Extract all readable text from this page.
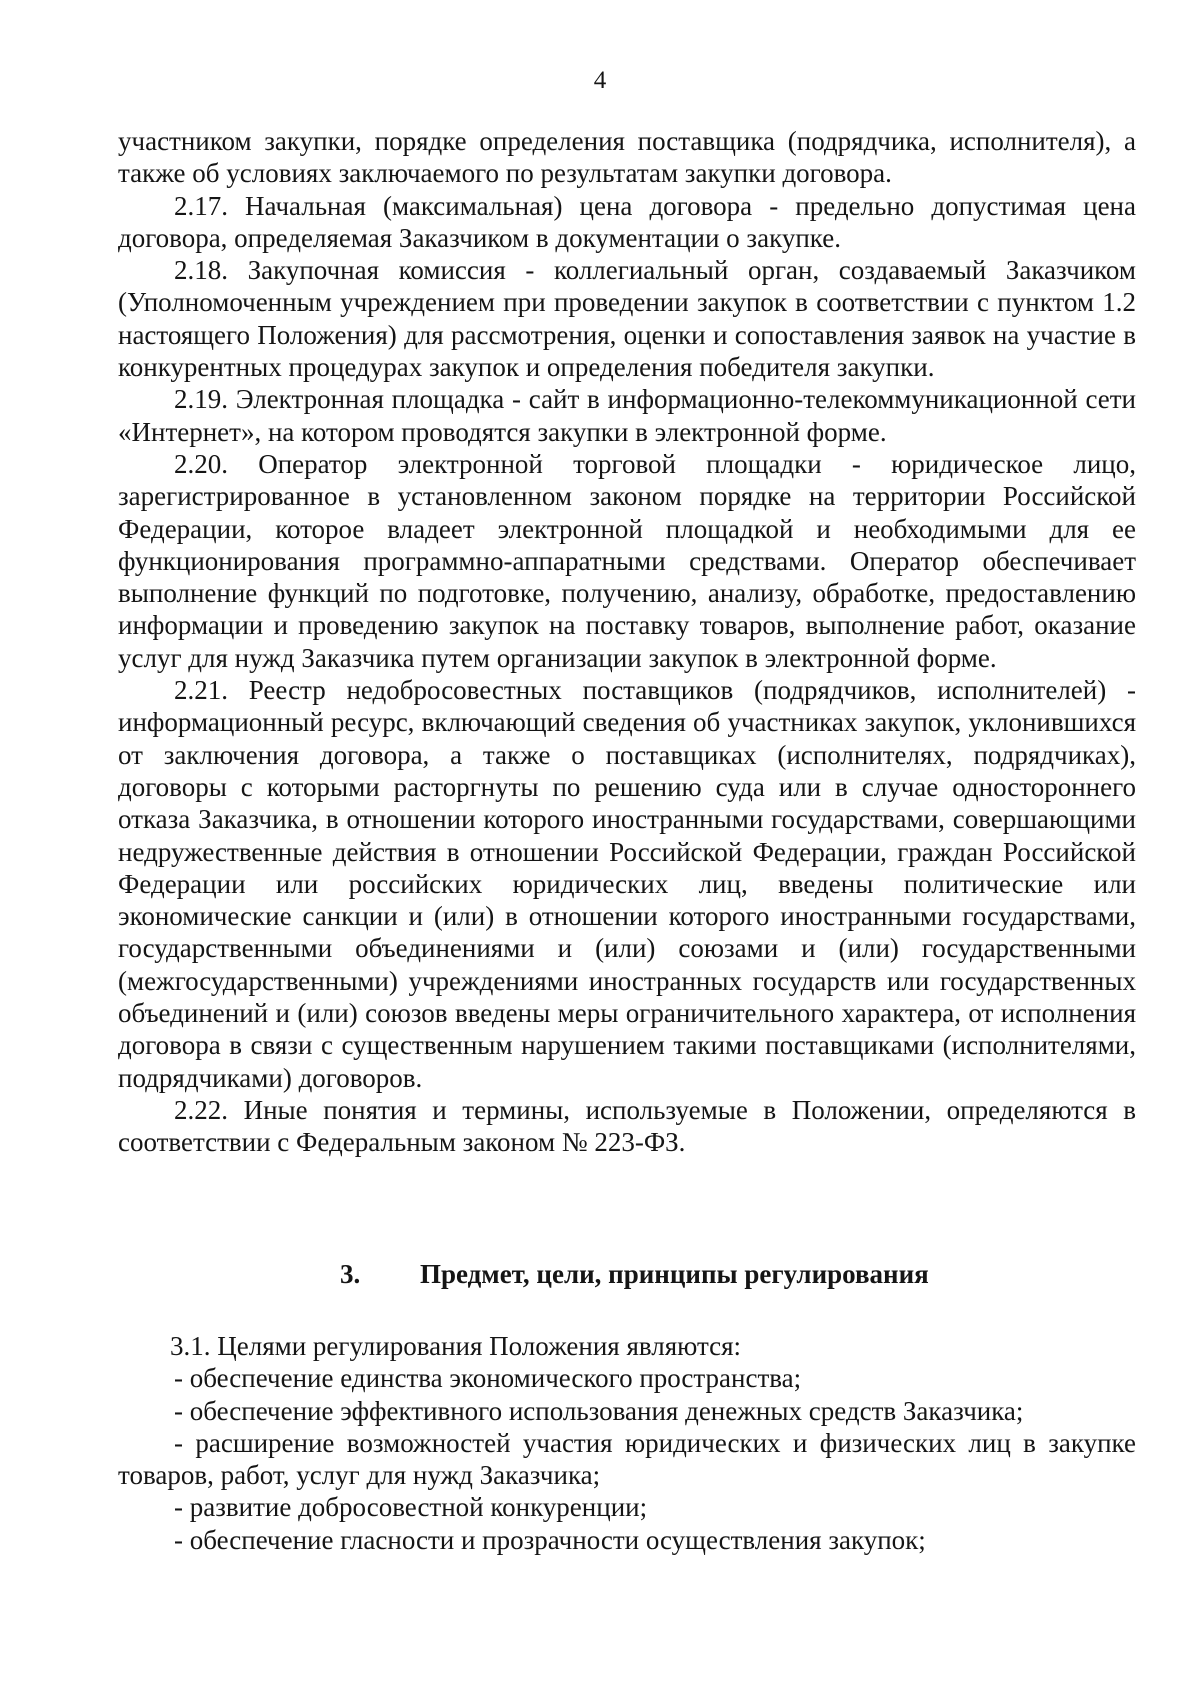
4

участником закупки, порядке определения поставщика (подрядчика, исполнителя), а также об условиях заключаемого по результатам закупки договора.

2.17. Начальная (максимальная) цена договора - предельно допустимая цена договора, определяемая Заказчиком в документации о закупке.

2.18. Закупочная комиссия - коллегиальный орган, создаваемый Заказчиком (Уполномоченным учреждением при проведении закупок в соответствии с пунктом 1.2 настоящего Положения) для рассмотрения, оценки и сопоставления заявок на участие в конкурентных процедурах закупок и определения победителя закупки.

2.19. Электронная площадка - сайт в информационно-телекоммуникационной сети «Интернет», на котором проводятся закупки в электронной форме.

2.20. Оператор электронной торговой площадки - юридическое лицо, зарегистрированное в установленном законом порядке на территории Российской Федерации, которое владеет электронной площадкой и необходимыми для ее функционирования программно-аппаратными средствами. Оператор обеспечивает выполнение функций по подготовке, получению, анализу, обработке, предоставлению информации и проведению закупок на поставку товаров, выполнение работ, оказание услуг для нужд Заказчика путем организации закупок в электронной форме.

2.21. Реестр недобросовестных поставщиков (подрядчиков, исполнителей) - информационный ресурс, включающий сведения об участниках закупок, уклонившихся от заключения договора, а также о поставщиках (исполнителях, подрядчиках), договоры с которыми расторгнуты по решению суда или в случае одностороннего отказа Заказчика, в отношении которого иностранными государствами, совершающими недружественные действия в отношении Российской Федерации, граждан Российской Федерации или российских юридических лиц, введены политические или экономические санкции и (или) в отношении которого иностранными государствами, государственными объединениями и (или) союзами и (или) государственными (межгосударственными) учреждениями иностранных государств или государственных объединений и (или) союзов введены меры ограничительного характера, от исполнения договора в связи с существенным нарушением такими поставщиками (исполнителями, подрядчиками) договоров.

2.22. Иные понятия и термины, используемые в Положении, определяются в соответствии с Федеральным законом № 223-ФЗ.

3. Предмет, цели, принципы регулирования

3.1. Целями регулирования Положения являются:

- обеспечение единства экономического пространства;

- обеспечение эффективного использования денежных средств Заказчика;

- расширение возможностей участия юридических и физических лиц в закупке товаров, работ, услуг для нужд Заказчика;

- развитие добросовестной конкуренции;

- обеспечение гласности и прозрачности осуществления закупок;
